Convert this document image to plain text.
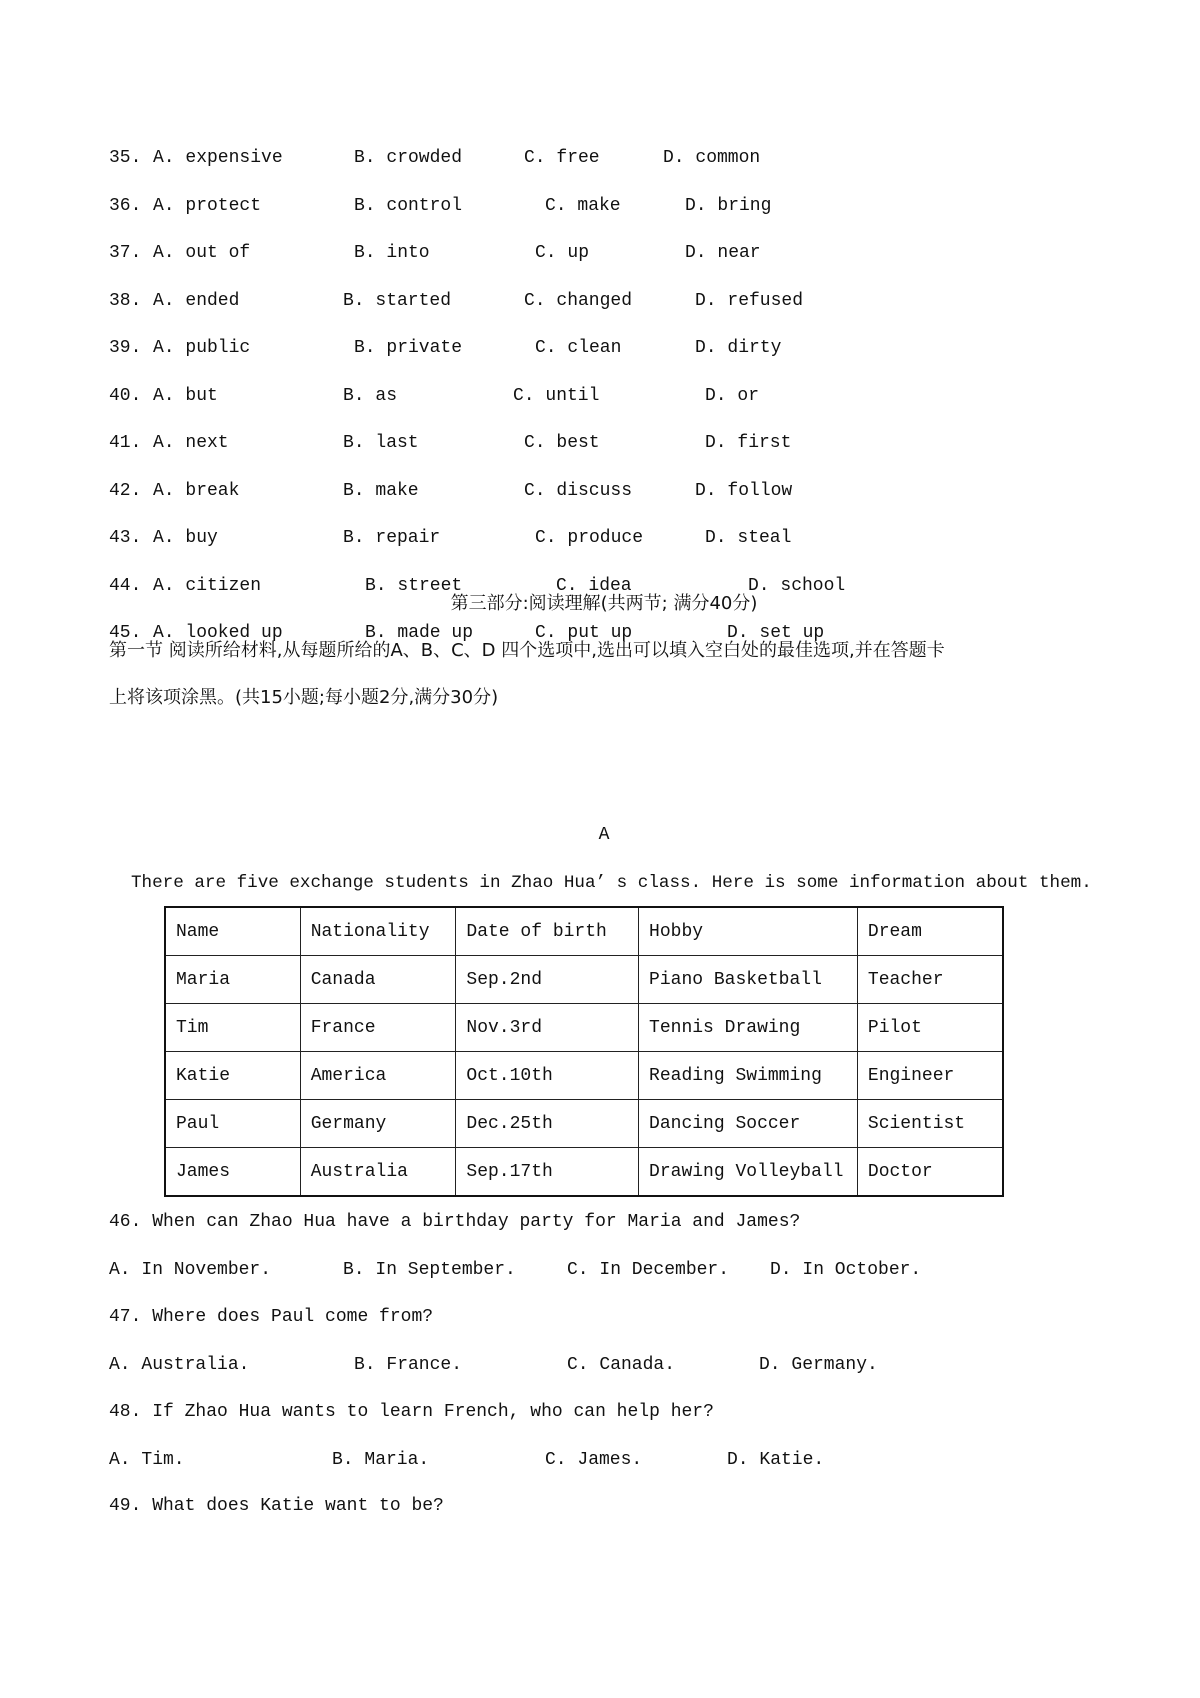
第三部分:阅读理解(共两节; 满分40分)
第一节 阅读所给材料,从每题所给的A、B、C、D 四个选项中,选出可以填入空白处的最佳选项,并在答题卡
上将该项涂黑。(共15小题;每小题2分,满分30分)
A
There are five exchange students in Zhao Hua’ s class. Here is some information about them.
Name	Nationality	Date of birth	Hobby	Dream
Maria	Canada	Sep.2nd	Piano Basketball	Teacher
Tim	France	Nov.3rd	Tennis Drawing	Pilot
Katie	America	Oct.10th	Reading Swimming	Engineer
Paul	Germany	Dec.25th	Dancing Soccer	Scientist
James	Australia	Sep.17th	Drawing Volleyball	Doctor
35. A. expensive	B. crowded	C. free	D. common
36. A. protect	B. control	C. make	D. bring
37. A. out of	B. into	C. up	D. near
38. A. ended	B. started	C. changed	D. refused
39. A. public	B. private	C. clean	D. dirty
40. A. but	B. as	C. until	D. or
41. A. next	B. last	C. best	D. first
42. A. break	B. make	C. discuss	D. follow
43. A. buy	B. repair	C. produce	D. steal
44. A. citizen	B. street	C. idea	D. school
45. A. looked up	B. made up	C. put up	D. set up
46. When can Zhao Hua have a birthday party for Maria and James?
A. In November.	B. In September.	C. In December. D. In October.
47. Where does Paul come from?
A. Australia.	B. France.	C. Canada.	D. Germany.
48. If Zhao Hua wants to learn French, who can help her?
A. Tim.	B. Maria.	C. James.	D. Katie.
49. What does Katie want to be?
